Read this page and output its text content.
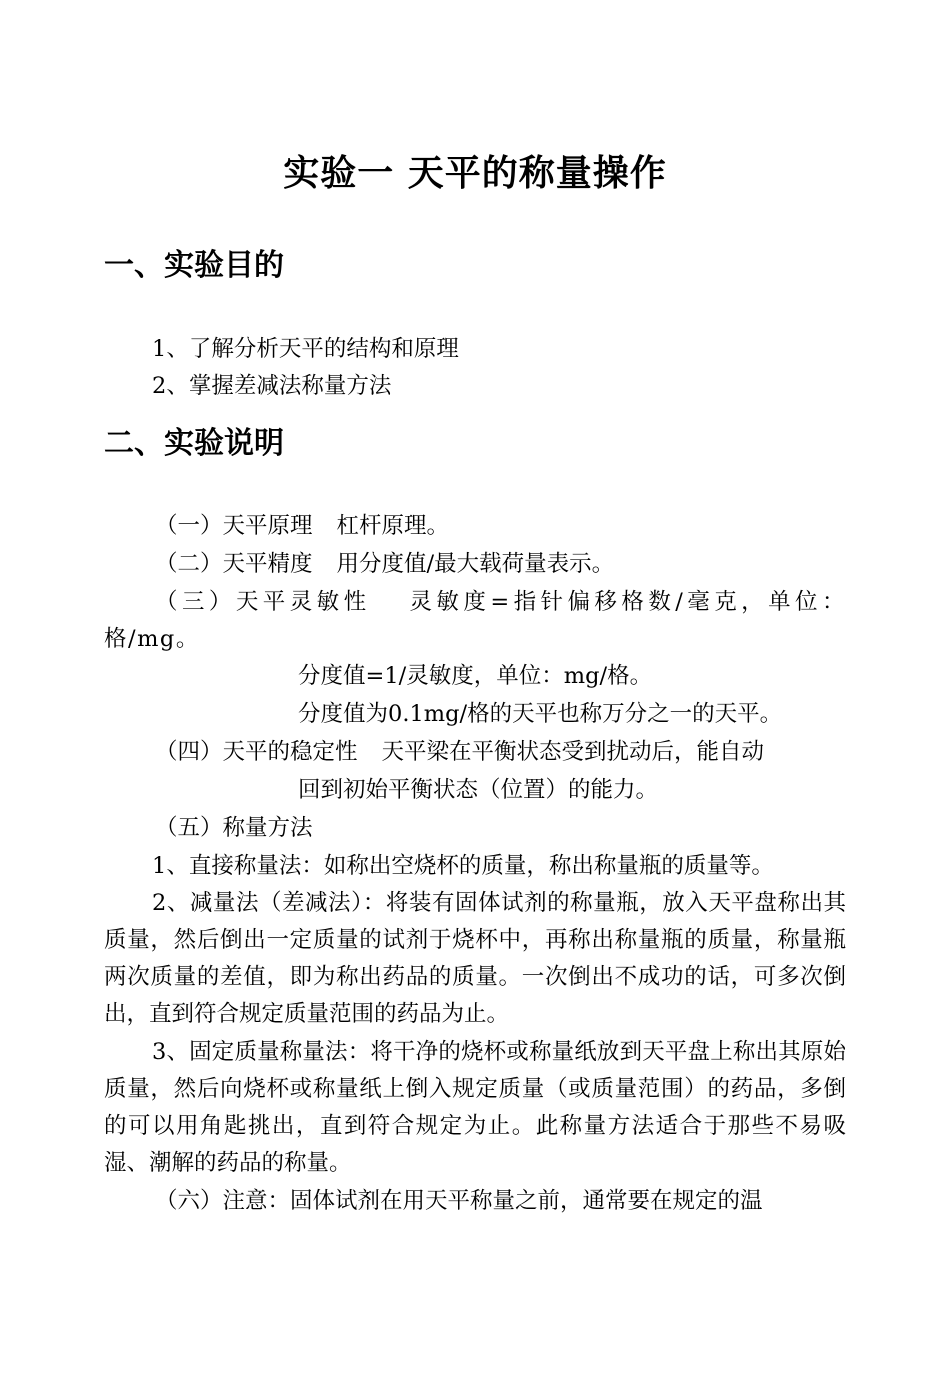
实验一 天平的称量操作
一、实验目的
1、了解分析天平的结构和原理
2、掌握差减法称量方法
二、实验说明
（一）天平原理 杠杆原理。
（二）天平精度 用分度值/最大载荷量表示。
（三）天平灵敏性 灵敏度=指针偏移格数/毫克，单位：格/mg。
分度值=1/灵敏度，单位：mg/格。
分度值为0.1mg/格的天平也称万分之一的天平。
（四）天平的稳定性 天平梁在平衡状态受到扰动后，能自动
回到初始平衡状态（位置）的能力。
（五）称量方法
1、直接称量法：如称出空烧杯的质量，称出称量瓶的质量等。
2、减量法（差减法）：将装有固体试剂的称量瓶，放入天平盘称出其质量，然后倒出一定质量的试剂于烧杯中，再称出称量瓶的质量，称量瓶两次质量的差值，即为称出药品的质量。一次倒出不成功的话，可多次倒出，直到符合规定质量范围的药品为止。
3、固定质量称量法：将干净的烧杯或称量纸放到天平盘上称出其原始质量，然后向烧杯或称量纸上倒入规定质量（或质量范围）的药品，多倒的可以用角匙挑出，直到符合规定为止。此称量方法适合于那些不易吸湿、潮解的药品的称量。
（六）注意：固体试剂在用天平称量之前，通常要在规定的温
